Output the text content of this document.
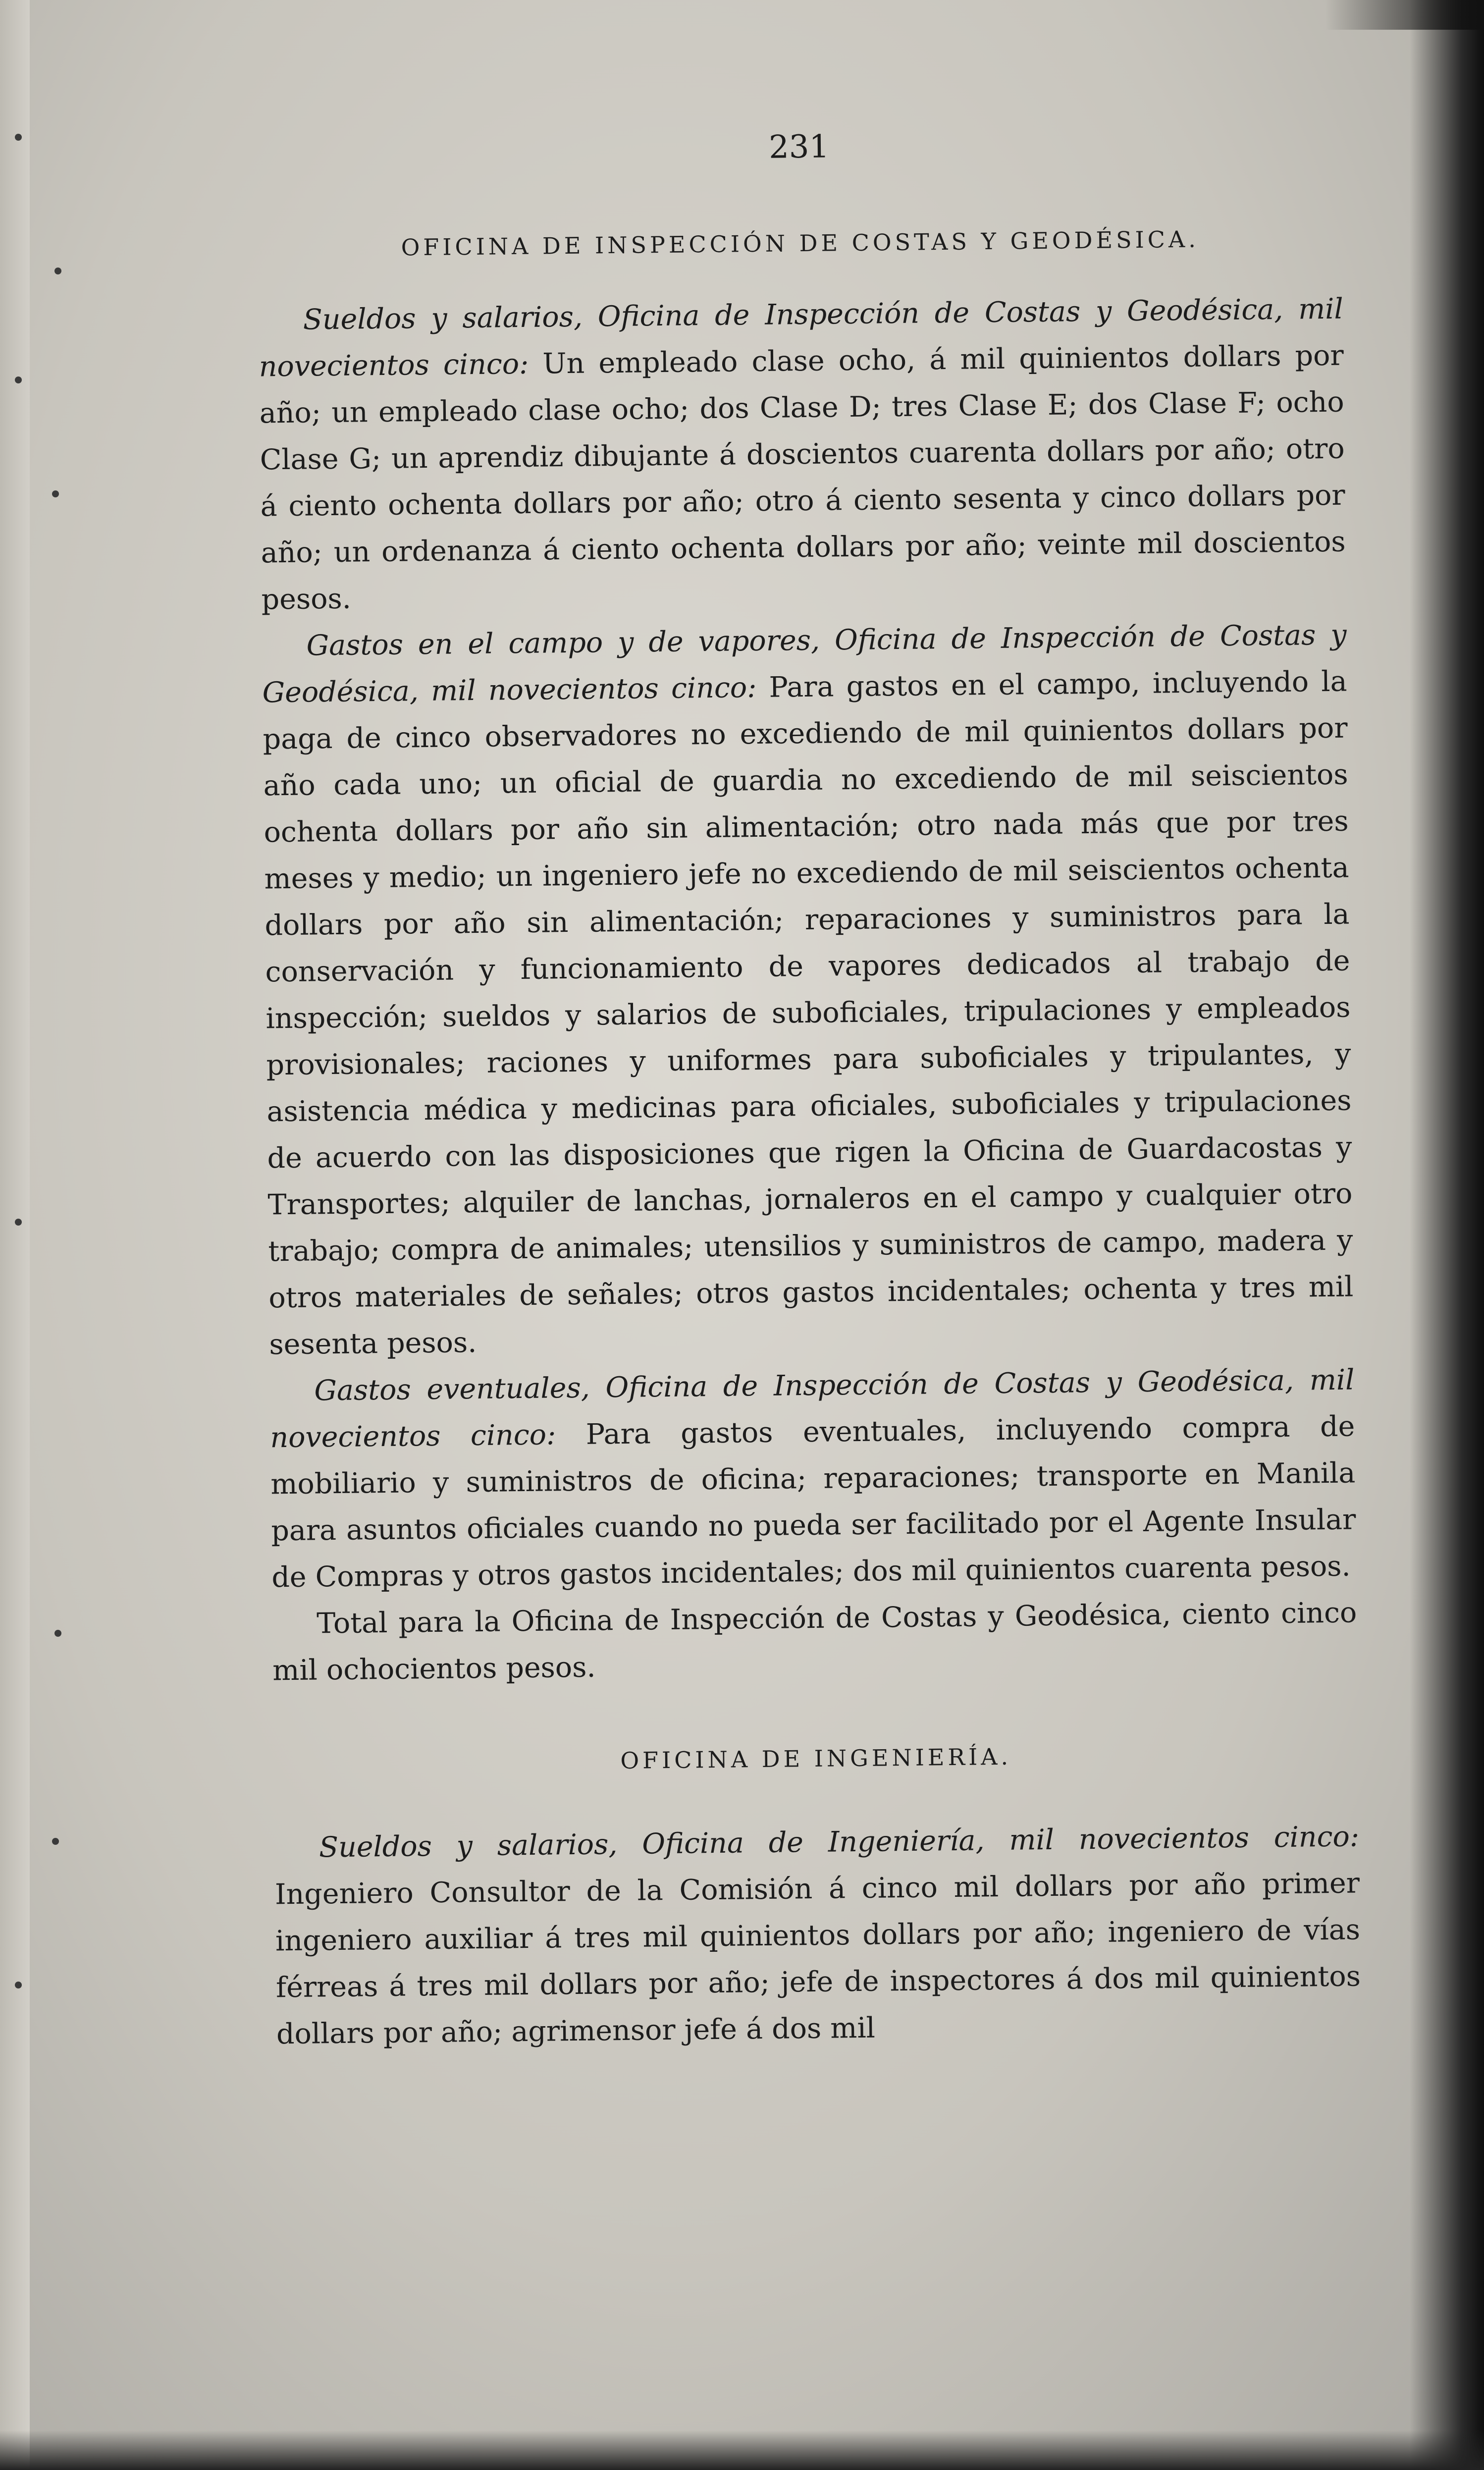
231
OFICINA DE INSPECCIÓN DE COSTAS Y GEODÉSICA.

Sueldos y salarios, Oficina de Inspección de Costas y Geodésica, mil novecientos cinco: Un empleado clase ocho, á mil quinientos dollars por año; un empleado clase ocho; dos Clase D; tres Clase E; dos Clase F; ocho Clase G; un aprendiz dibujante á doscientos cuarenta dollars por año; otro á ciento ochenta dollars por año; otro á ciento sesenta y cinco dollars por año; un ordenanza á ciento ochenta dollars por año; veinte mil doscientos pesos.

Gastos en el campo y de vapores, Oficina de Inspección de Costas y Geodésica, mil novecientos cinco: Para gastos en el campo, incluyendo la paga de cinco observadores no excediendo de mil quinientos dollars por año cada uno; un oficial de guardia no excediendo de mil seiscientos ochenta dollars por año sin alimentación; otro nada más que por tres meses y medio; un ingeniero jefe no excediendo de mil seiscientos ochenta dollars por año sin alimentación; reparaciones y suministros para la conservación y funcionamiento de vapores dedicados al trabajo de inspección; sueldos y salarios de suboficiales, tripulaciones y empleados provisionales; raciones y uniformes para suboficiales y tripulantes, y asistencia médica y medicinas para oficiales, suboficiales y tripulaciones de acuerdo con las disposiciones que rigen la Oficina de Guardacostas y Transportes; alquiler de lanchas, jornaleros en el campo y cualquier otro trabajo; compra de animales; utensilios y suministros de campo, madera y otros materiales de señales; otros gastos incidentales; ochenta y tres mil sesenta pesos.

Gastos eventuales, Oficina de Inspección de Costas y Geodésica, mil novecientos cinco: Para gastos eventuales, incluyendo compra de mobiliario y suministros de oficina; reparaciones; transporte en Manila para asuntos oficiales cuando no pueda ser facilitado por el Agente Insular de Compras y otros gastos incidentales; dos mil quinientos cuarenta pesos.

Total para la Oficina de Inspección de Costas y Geodésica, ciento cinco mil ochocientos pesos.

OFICINA DE INGENIERÍA.

Sueldos y salarios, Oficina de Ingeniería, mil novecientos cinco: Ingeniero Consultor de la Comisión á cinco mil dollars por año primer ingeniero auxiliar á tres mil quinientos dollars por año; ingeniero de vías férreas á tres mil dollars por año; jefe de inspectores á dos mil quinientos dollars por año; agrimensor jefe á dos mil
